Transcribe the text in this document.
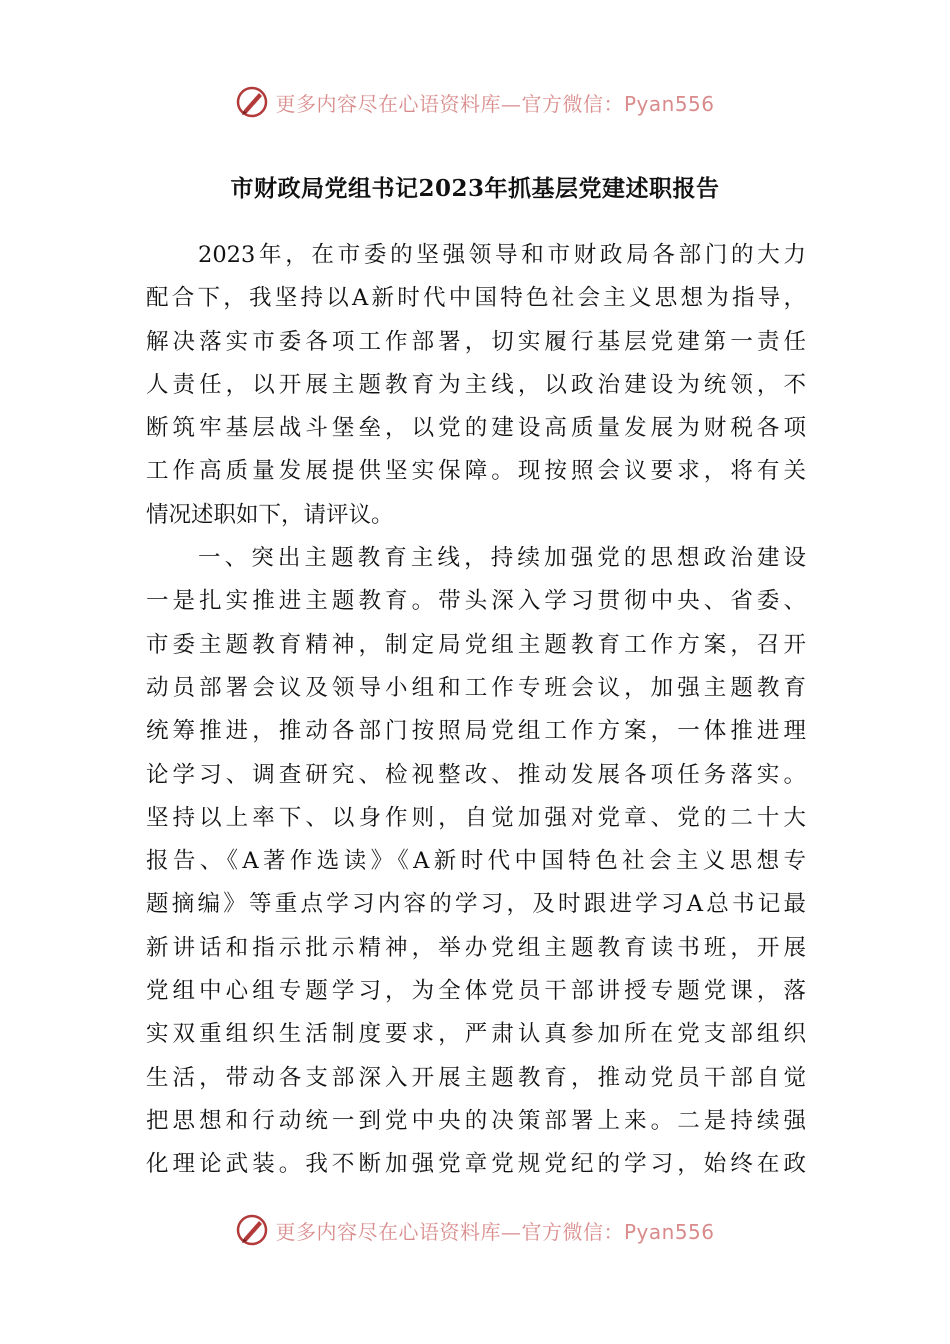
更多内容尽在心语资料库—官方微信：Pyan556
市财政局党组书记2023年抓基层党建述职报告
2023年，在市委的坚强领导和市财政局各部门的大力
配合下，我坚持以A新时代中国特色社会主义思想为指导，
解决落实市委各项工作部署，切实履行基层党建第一责任
人责任，以开展主题教育为主线，以政治建设为统领，不
断筑牢基层战斗堡垒，以党的建设高质量发展为财税各项
工作高质量发展提供坚实保障。现按照会议要求，将有关
情况述职如下，请评议。
一、突出主题教育主线，持续加强党的思想政治建设
一是扎实推进主题教育。带头深入学习贯彻中央、省委、
市委主题教育精神，制定局党组主题教育工作方案，召开
动员部署会议及领导小组和工作专班会议，加强主题教育
统筹推进，推动各部门按照局党组工作方案，一体推进理
论学习、调查研究、检视整改、推动发展各项任务落实。
坚持以上率下、以身作则，自觉加强对党章、党的二十大
报告、《A著作选读》《A新时代中国特色社会主义思想专
题摘编》等重点学习内容的学习，及时跟进学习A总书记最
新讲话和指示批示精神，举办党组主题教育读书班，开展
党组中心组专题学习，为全体党员干部讲授专题党课，落
实双重组织生活制度要求，严肃认真参加所在党支部组织
生活，带动各支部深入开展主题教育，推动党员干部自觉
把思想和行动统一到党中央的决策部署上来。二是持续强
化理论武装。我不断加强党章党规党纪的学习，始终在政
更多内容尽在心语资料库—官方微信：Pyan556
